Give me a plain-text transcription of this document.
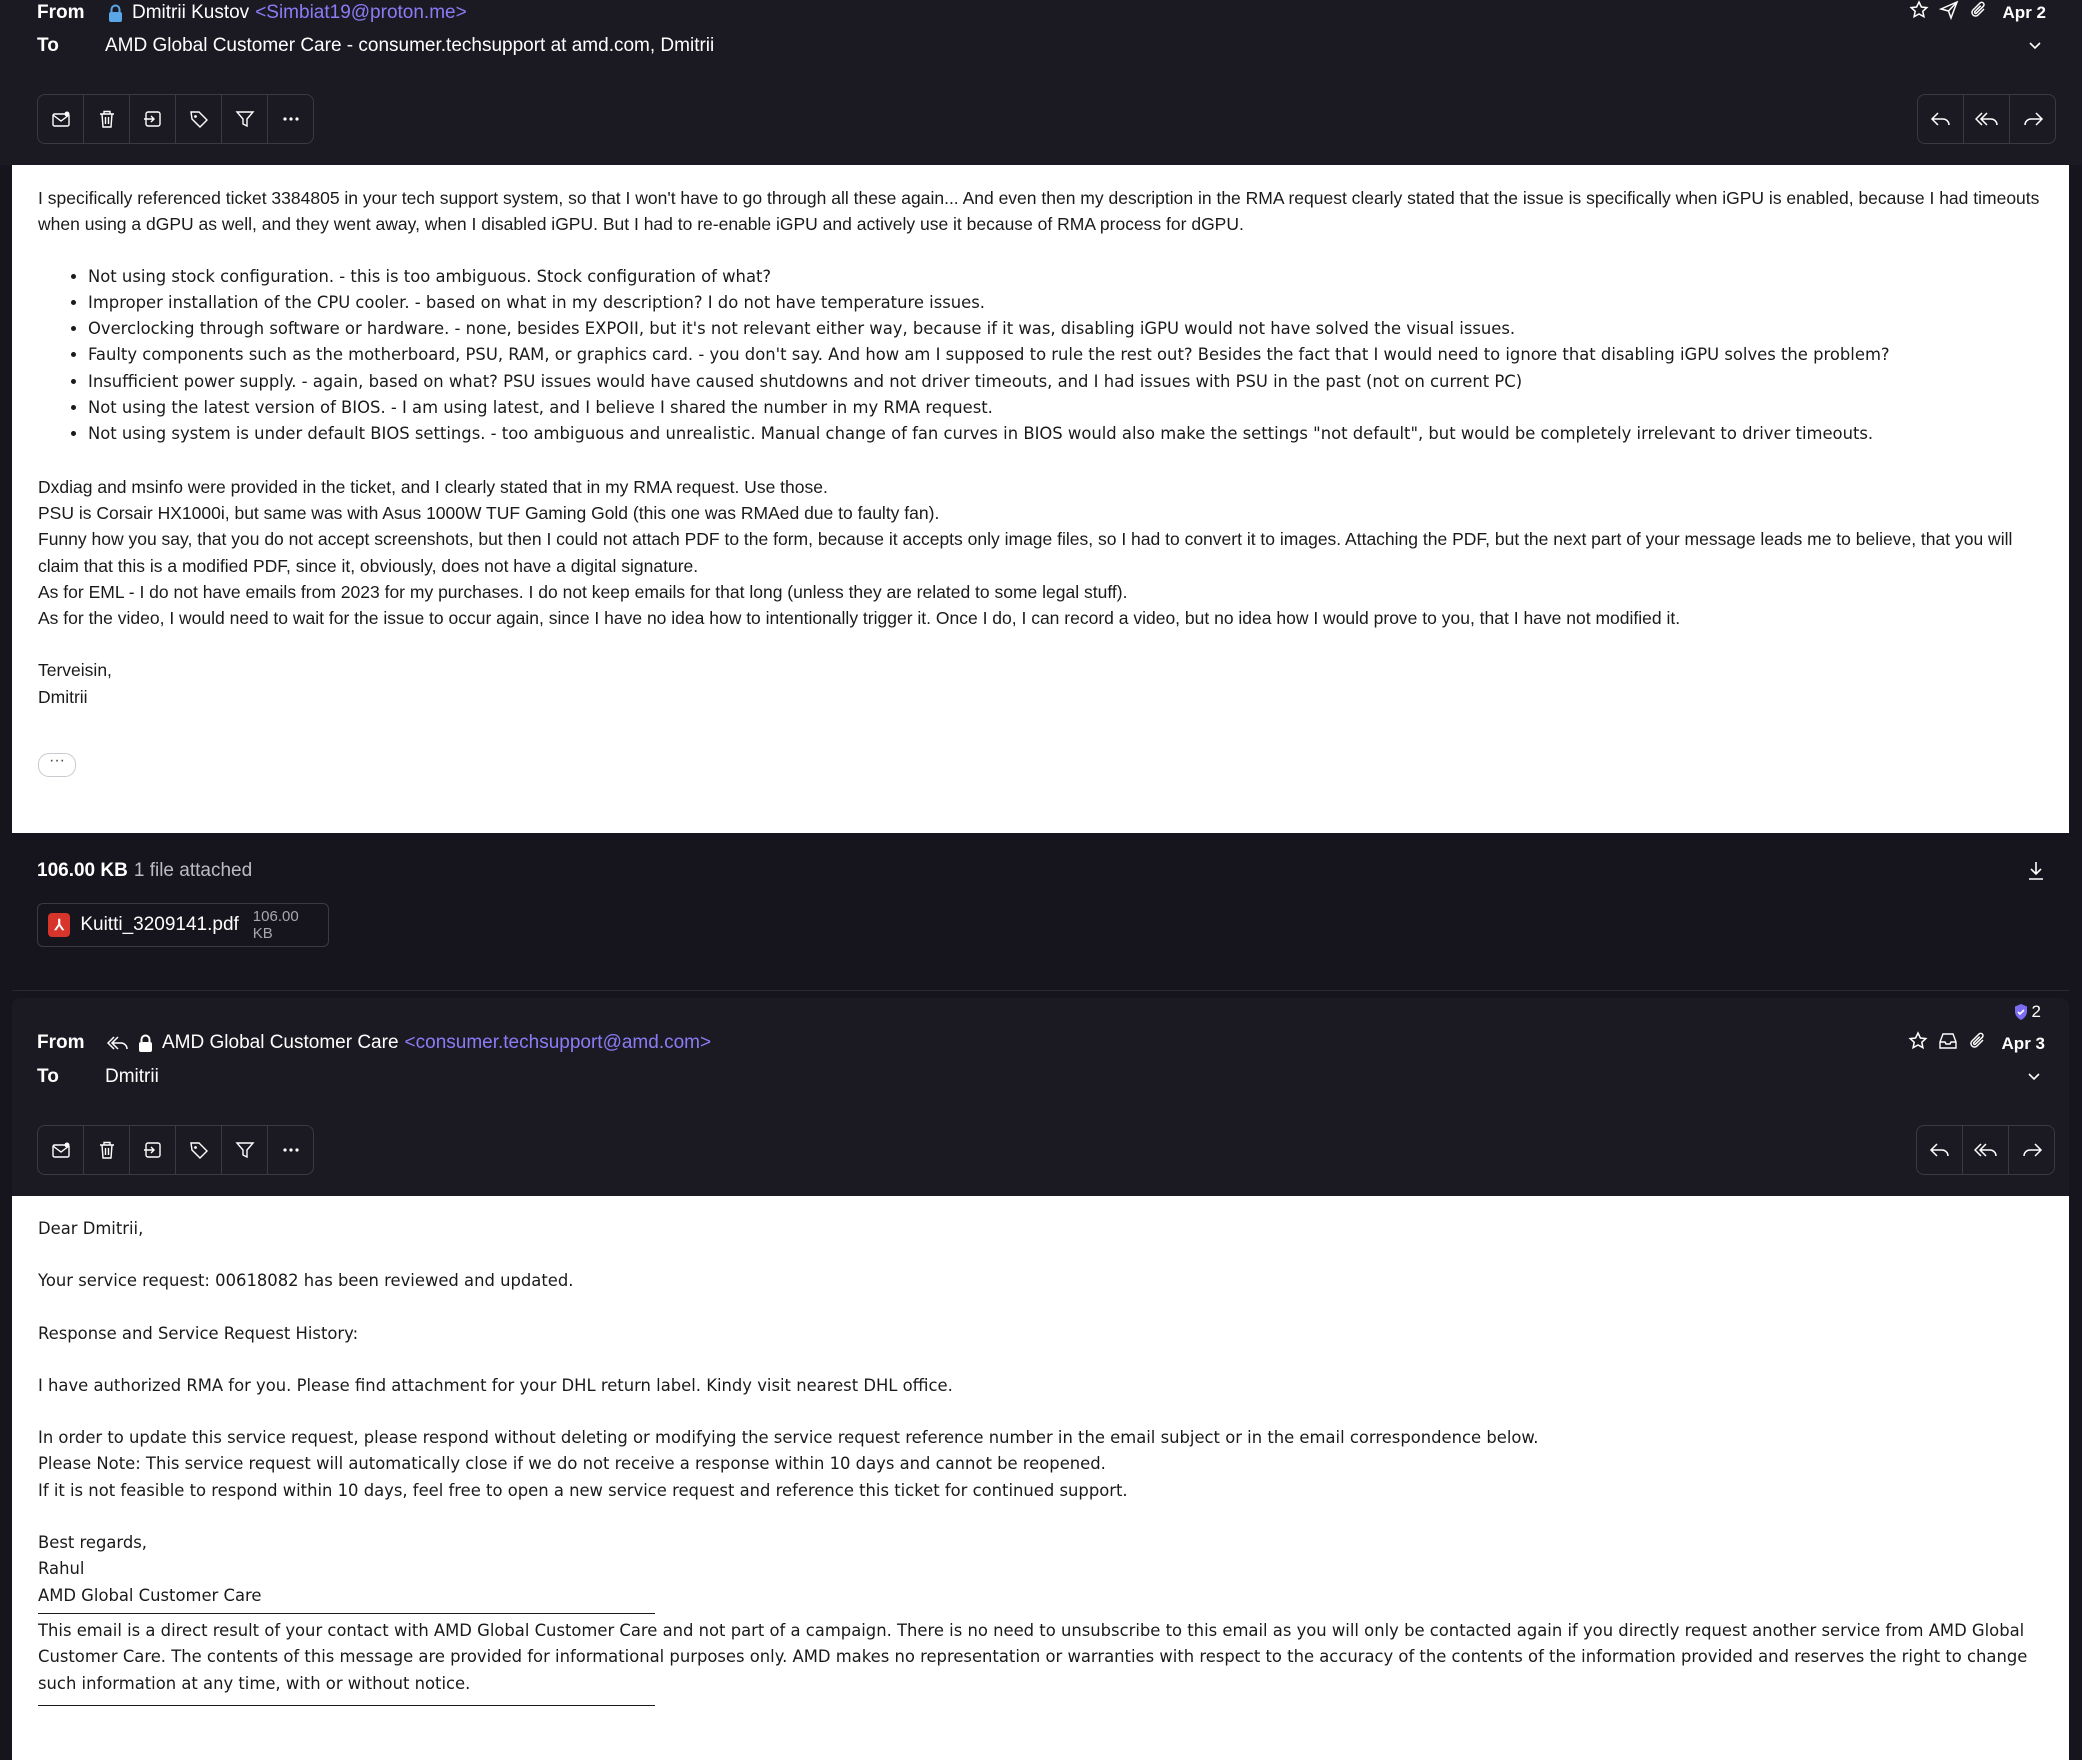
From	Dmitrii Kustov <Simbiat19@proton.me>
To	AMD Global Customer Care - consumer.techsupport at amd.com, Dmitrii
Apr 2

I specifically referenced ticket 3384805 in your tech support system, so that I won't have to go through all these again... And even then my description in the RMA request clearly stated that the issue is specifically when iGPU is enabled, because I had timeouts when using a dGPU as well, and they went away, when I disabled iGPU. But I had to re-enable iGPU and actively use it because of RMA process for dGPU.

• Not using stock configuration. - this is too ambiguous. Stock configuration of what?
• Improper installation of the CPU cooler. - based on what in my description? I do not have temperature issues.
• Overclocking through software or hardware. - none, besides EXPOII, but it's not relevant either way, because if it was, disabling iGPU would not have solved the visual issues.
• Faulty components such as the motherboard, PSU, RAM, or graphics card. - you don't say. And how am I supposed to rule the rest out? Besides the fact that I would need to ignore that disabling iGPU solves the problem?
• Insufficient power supply. - again, based on what? PSU issues would have caused shutdowns and not driver timeouts, and I had issues with PSU in the past (not on current PC)
• Not using the latest version of BIOS. - I am using latest, and I believe I shared the number in my RMA request.
• Not using system is under default BIOS settings. - too ambiguous and unrealistic. Manual change of fan curves in BIOS would also make the settings "not default", but would be completely irrelevant to driver timeouts.

Dxdiag and msinfo were provided in the ticket, and I clearly stated that in my RMA request. Use those.

PSU is Corsair HX1000i, but same was with Asus 1000W TUF Gaming Gold (this one was RMAed due to faulty fan).

Funny how you say, that you do not accept screenshots, but then I could not attach PDF to the form, because it accepts only image files, so I had to convert it to images. Attaching the PDF, but the next part of your message leads me to believe, that you will claim that this is a modified PDF, since it, obviously, does not have a digital signature.

As for EML - I do not have emails from 2023 for my purchases. I do not keep emails for that long (unless they are related to some legal stuff).

As for the video, I would need to wait for the issue to occur again, since I have no idea how to intentionally trigger it. Once I do, I can record a video, but no idea how I would prove to you, that I have not modified it.

Terveisin,

Dmitrii

···
106.00 KB 1 file attached
⅄ Kuitti_3209141.pdf 106.00 KB
2
From	AMD Global Customer Care <consumer.techsupport@amd.com>
To	Dmitrii
Apr 3

Dear Dmitrii,

Your service request: 00618082 has been reviewed and updated.

Response and Service Request History:

I have authorized RMA for you. Please find attachment for your DHL return label. Kindy visit nearest DHL office.

In order to update this service request, please respond without deleting or modifying the service request reference number in the email subject or in the email correspondence below.

Please Note: This service request will automatically close if we do not receive a response within 10 days and cannot be reopened.

If it is not feasible to respond within 10 days, feel free to open a new service request and reference this ticket for continued support.

Best regards,

Rahul

AMD Global Customer Care

This email is a direct result of your contact with AMD Global Customer Care and not part of a campaign. There is no need to unsubscribe to this email as you will only be contacted again if you directly request another service from AMD Global Customer Care. The contents of this message are provided for informational purposes only. AMD makes no representation or warranties with respect to the accuracy of the contents of the information provided and reserves the right to change such information at any time, with or without notice.
